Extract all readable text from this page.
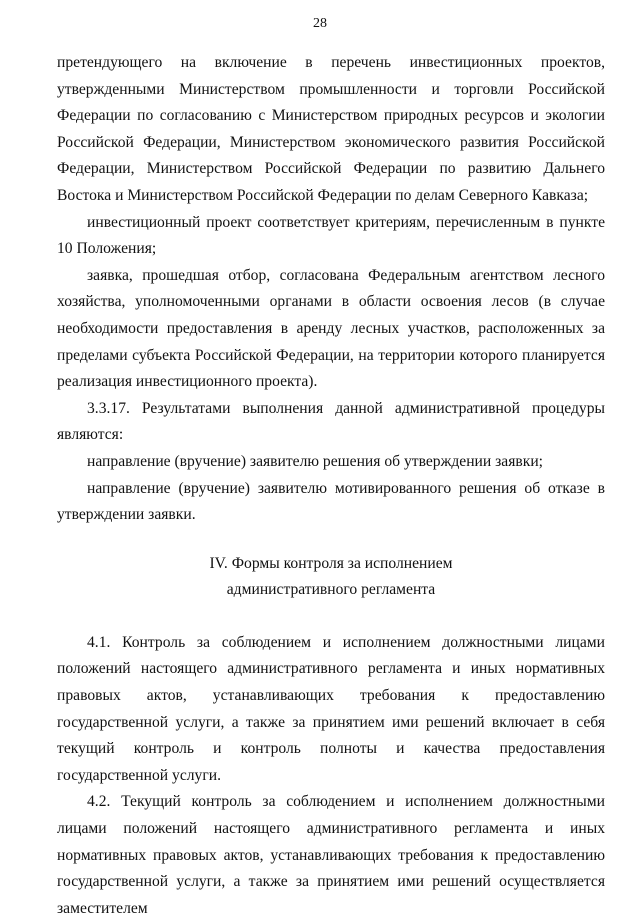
28

претендующего на включение в перечень инвестиционных проектов, утвержденными Министерством промышленности и торговли Российской Федерации по согласованию с Министерством природных ресурсов и экологии Российской Федерации, Министерством экономического развития Российской Федерации, Министерством Российской Федерации по развитию Дальнего Востока и Министерством Российской Федерации по делам Северного Кавказа;

инвестиционный проект соответствует критериям, перечисленным в пункте 10 Положения;

заявка, прошедшая отбор, согласована Федеральным агентством лесного хозяйства, уполномоченными органами в области освоения лесов (в случае необходимости предоставления в аренду лесных участков, расположенных за пределами субъекта Российской Федерации, на территории которого планируется реализация инвестиционного проекта).

3.3.17. Результатами выполнения данной административной процедуры являются:

направление (вручение) заявителю решения об утверждении заявки;

направление (вручение) заявителю мотивированного решения об отказе в утверждении заявки.

IV. Формы контроля за исполнением

административного регламента

4.1. Контроль за соблюдением и исполнением должностными лицами положений настоящего административного регламента и иных нормативных правовых актов, устанавливающих требования к предоставлению государственной услуги, а также за принятием ими решений включает в себя текущий контроль и контроль полноты и качества предоставления государственной услуги.

4.2. Текущий контроль за соблюдением и исполнением должностными лицами положений настоящего административного регламента и иных нормативных правовых актов, устанавливающих требования к предоставлению государственной услуги, а также за принятием ими решений осуществляется заместителем
